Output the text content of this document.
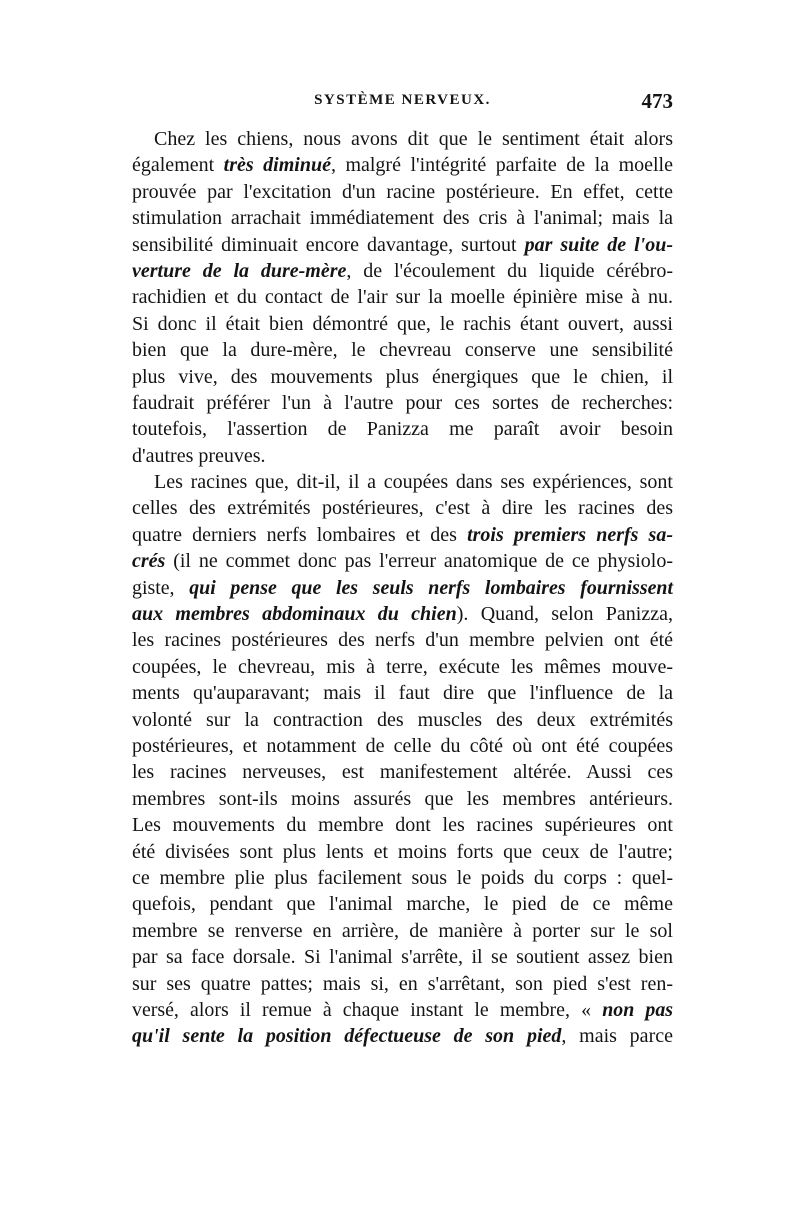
SYSTÈME NERVEUX.	473
Chez les chiens, nous avons dit que le sentiment était alors
également très diminué, malgré l'intégrité parfaite de la moelle
prouvée par l'excitation d'un racine postérieure. En effet, cette
stimulation arrachait immédiatement des cris à l'animal; mais la
sensibilité diminuait encore davantage, surtout par suite de l'ou-
verture de la dure-mère, de l'écoulement du liquide cérébro-
rachidien et du contact de l'air sur la moelle épinière mise à nu.
Si donc il était bien démontré que, le rachis étant ouvert, aussi
bien que la dure-mère, le chevreau conserve une sensibilité
plus vive, des mouvements plus énergiques que le chien, il
faudrait préférer l'un à l'autre pour ces sortes de recherches:
toutefois, l'assertion de Panizza me paraît avoir besoin
d'autres preuves.
Les racines que, dit-il, il a coupées dans ses expériences, sont
celles des extrémités postérieures, c'est à dire les racines des
quatre derniers nerfs lombaires et des trois premiers nerfs sa-
crés (il ne commet donc pas l'erreur anatomique de ce physiolo-
giste, qui pense que les seuls nerfs lombaires fournissent
aux membres abdominaux du chien). Quand, selon Panizza,
les racines postérieures des nerfs d'un membre pelvien ont été
coupées, le chevreau, mis à terre, exécute les mêmes mouve-
ments qu'auparavant; mais il faut dire que l'influence de la
volonté sur la contraction des muscles des deux extrémités
postérieures, et notamment de celle du côté où ont été coupées
les racines nerveuses, est manifestement altérée. Aussi ces
membres sont-ils moins assurés que les membres antérieurs.
Les mouvements du membre dont les racines supérieures ont
été divisées sont plus lents et moins forts que ceux de l'autre;
ce membre plie plus facilement sous le poids du corps : quel-
quefois, pendant que l'animal marche, le pied de ce même
membre se renverse en arrière, de manière à porter sur le sol
par sa face dorsale. Si l'animal s'arrête, il se soutient assez bien
sur ses quatre pattes; mais si, en s'arrêtant, son pied s'est ren-
versé, alors il remue à chaque instant le membre, « non pas
qu'il sente la position défectueuse de son pied, mais parce
